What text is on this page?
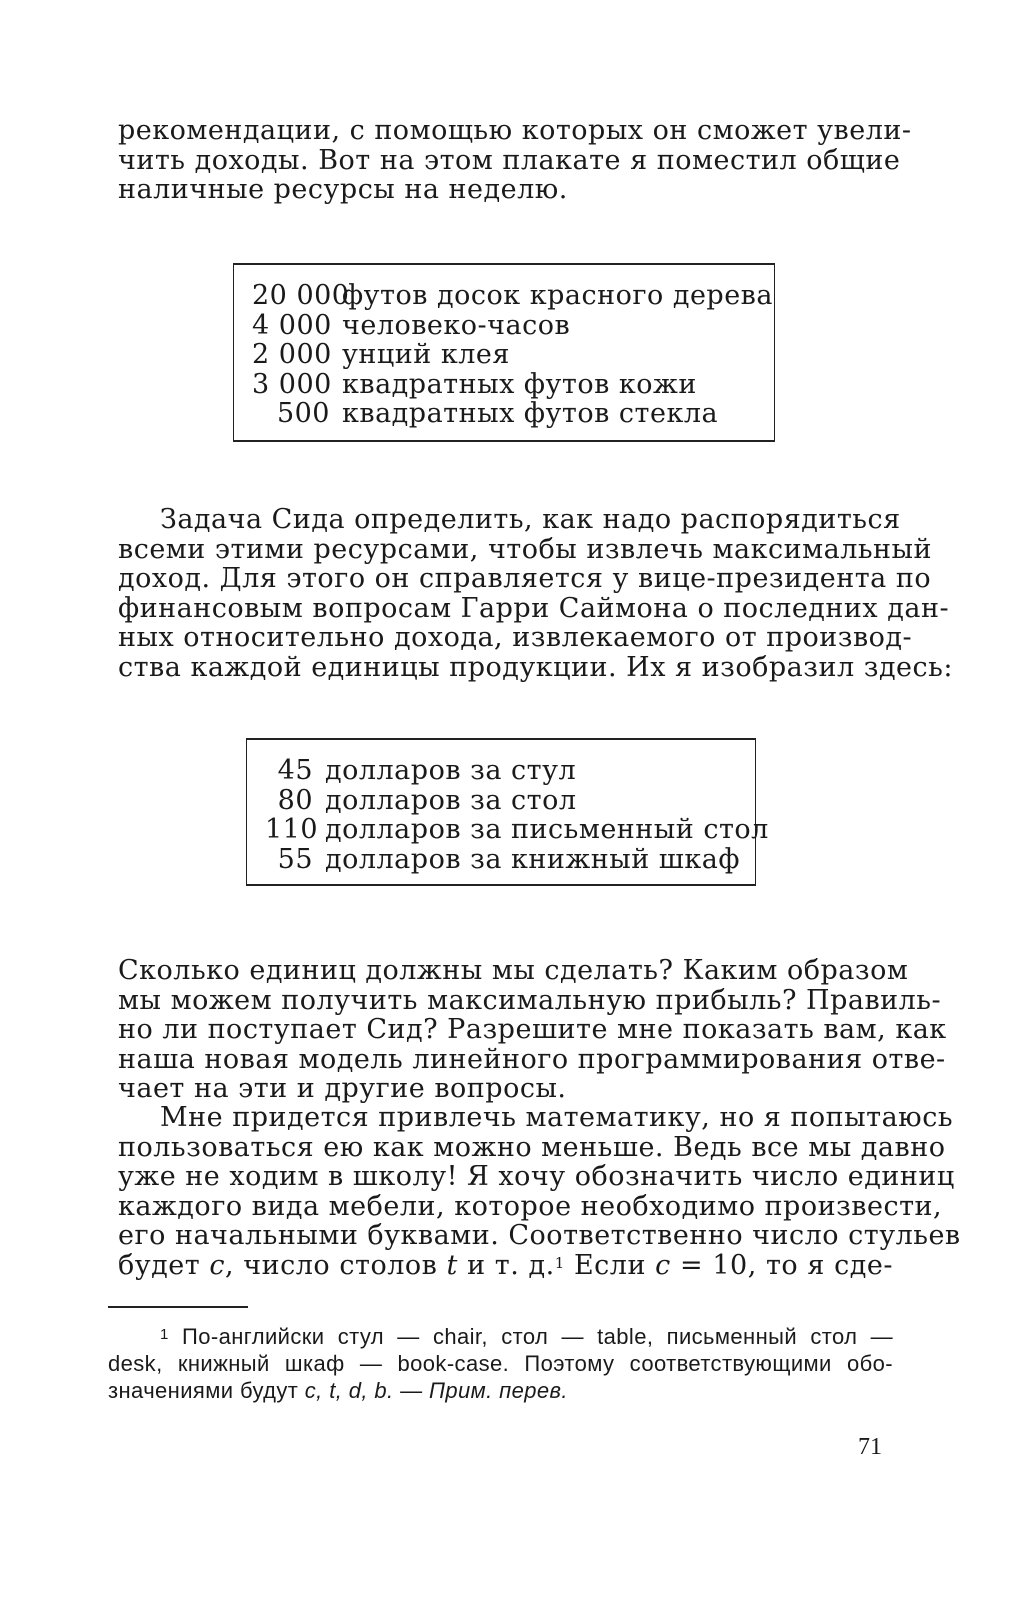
рекомендации, с помощью которых он сможет увели-
чить доходы. Вот на этом плакате я поместил общие
наличные ресурсы на неделю.
20 000
футов досок красного дерева
4 000 человеко-часов
2 000 унций клея
3 000 квадратных футов кожи
500 квадратных футов стекла
Задача Сида определить, как надо распорядиться
всеми этими ресурсами, чтобы извлечь максимальный
доход. Для этого он справляется у вице-президента по
финансовым вопросам Гарри Саймона о последних дан-
ных относительно дохода, извлекаемого от производ-
ства каждой единицы продукции. Их я изобразил здесь:
45 долларов за стул
80 долларов за стол
110 долларов за письменный стол
55 долларов за книжный шкаф
Сколько единиц должны мы сделать? Каким образом
мы можем получить максимальную прибыль? Правиль-
но ли поступает Сид? Разрешите мне показать вам, как
наша новая модель линейного программирования отве-
чает на эти и другие вопросы.
Мне придется привлечь математику, но я попытаюсь
пользоваться ею как можно меньше. Ведь все мы давно
уже не ходим в школу! Я хочу обозначить число единиц
каждого вида мебели, которое необходимо произвести,
его начальными буквами. Соответственно число стульев
будет c, число столов t и т. д.$^1$ Если c = 10, то я сде-
$^1$ По-английски стул — chair, стол — table, письменный стол —
desk, книжный шкаф — book-case. Поэтому соответствующими обо-
значениями будут c, t, d, b. — Прим. перев.
71
